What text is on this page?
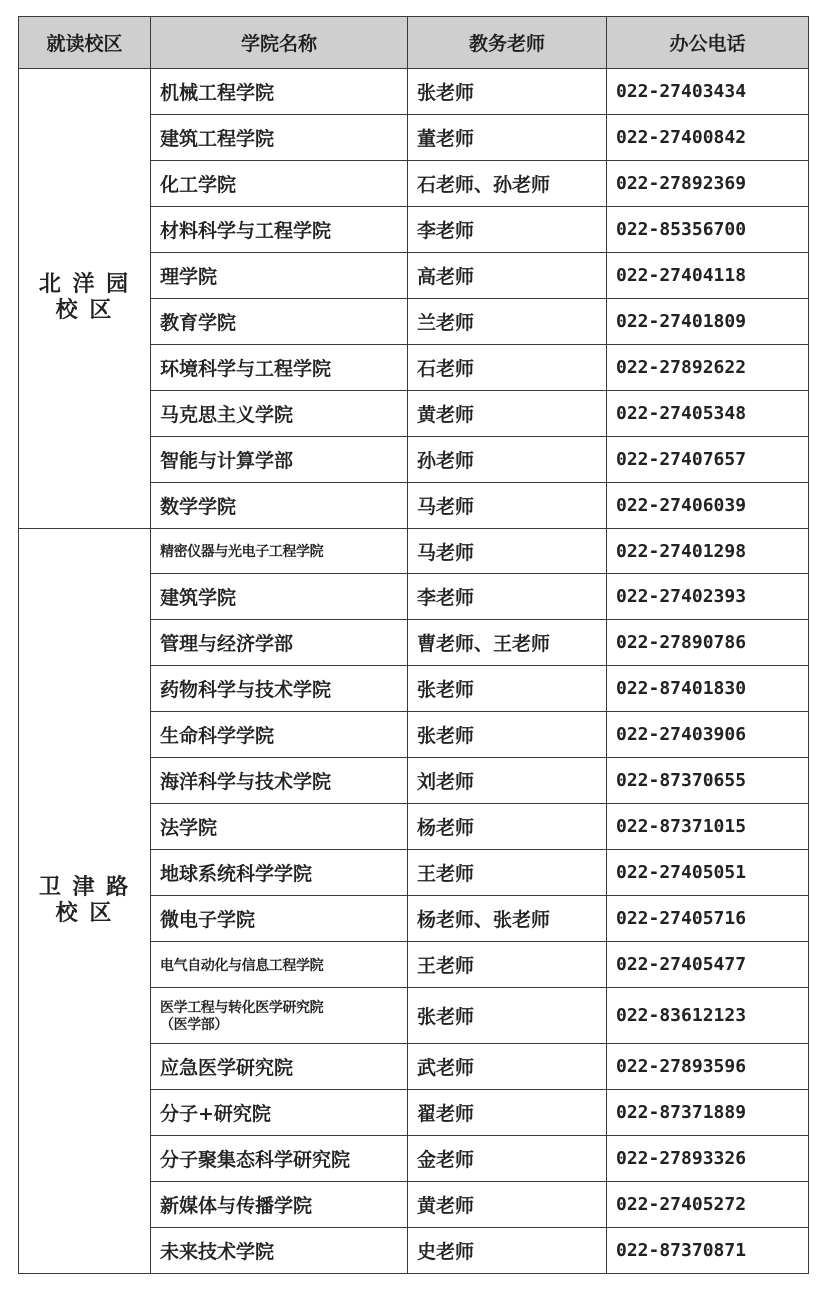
就读校区	学院名称	教务老师	办公电话

北 洋 园
校 区	机械工程学院	张老师	022-27403434
	建筑工程学院	董老师	022-27400842
	化工学院	石老师、孙老师	022-27892369
	材料科学与工程学院	李老师	022-85356700
	理学院	高老师	022-27404118
	教育学院	兰老师	022-27401809
	环境科学与工程学院	石老师	022-27892622
	马克思主义学院	黄老师	022-27405348
	智能与计算学部	孙老师	022-27407657
	数学学院	马老师	022-27406039

卫 津 路
校 区	精密仪器与光电子工程学院	马老师	022-27401298
	建筑学院	李老师	022-27402393
	管理与经济学部	曹老师、王老师	022-27890786
	药物科学与技术学院	张老师	022-87401830
	生命科学学院	张老师	022-27403906
	海洋科学与技术学院	刘老师	022-87370655
	法学院	杨老师	022-87371015
	地球系统科学学院	王老师	022-27405051
	微电子学院	杨老师、张老师	022-27405716
	电气自动化与信息工程学院	王老师	022-27405477

	医学工程与转化医学研究院
（医学部）	张老师	022-83612123
	应急医学研究院	武老师	022-27893596
	分子+研究院	翟老师	022-87371889
	分子聚集态科学研究院	金老师	022-27893326
	新媒体与传播学院	黄老师	022-27405272
	未来技术学院	史老师	022-87370871
